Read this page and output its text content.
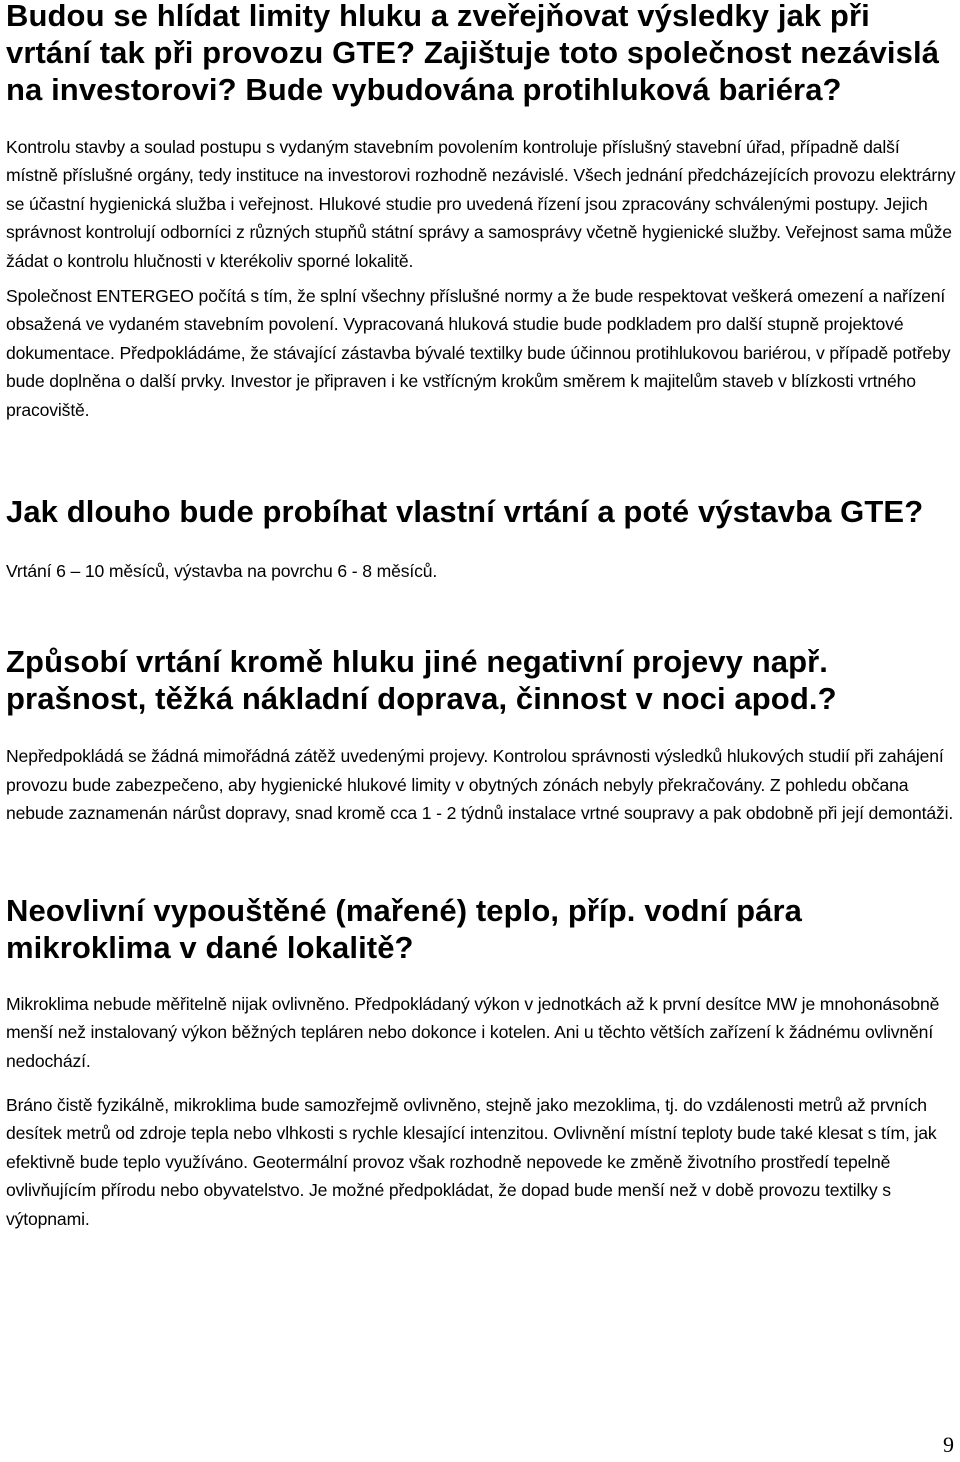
Budou se hlídat limity hluku a zveřejňovat výsledky jak při vrtání tak při provozu GTE? Zajištuje toto společnost nezávislá na investorovi? Bude vybudována protihluková bariéra?

Kontrolu stavby a soulad postupu s vydaným stavebním povolením kontroluje příslušný stavební úřad, případně další místně příslušné orgány, tedy instituce na investorovi rozhodně nezávislé. Všech jednání předcházejících provozu elektrárny se účastní hygienická služba i veřejnost. Hlukové studie pro uvedená řízení jsou zpracovány schválenými postupy. Jejich správnost kontrolují odborníci z různých stupňů státní správy a samosprávy včetně hygienické služby. Veřejnost sama může žádat o kontrolu hlučnosti v kterékoliv sporné lokalitě.

Společnost ENTERGEO počítá s tím, že splní všechny příslušné normy a že bude respektovat veškerá omezení a nařízení obsažená ve vydaném stavebním povolení. Vypracovaná hluková studie bude podkladem pro další stupně projektové dokumentace. Předpokládáme, že stávající zástavba bývalé textilky bude účinnou protihlukovou bariérou, v případě potřeby bude doplněna o další prvky. Investor je připraven i ke vstřícným krokům směrem k majitelům staveb v blízkosti vrtného pracoviště.

Jak dlouho bude probíhat vlastní vrtání a poté výstavba GTE?

Vrtání 6 – 10 měsíců, výstavba na povrchu 6 - 8 měsíců.

Způsobí vrtání kromě hluku jiné negativní projevy např. prašnost, těžká nákladní doprava, činnost v noci apod.?

Nepředpokládá se žádná mimořádná zátěž uvedenými projevy. Kontrolou správnosti výsledků hlukových studií při zahájení provozu bude zabezpečeno, aby hygienické hlukové limity v obytných zónách nebyly překračovány. Z pohledu občana nebude zaznamenán nárůst dopravy, snad kromě cca 1 - 2 týdnů instalace vrtné soupravy a pak obdobně při její demontáži.

Neovlivní vypouštěné (mařené) teplo, příp. vodní pára mikroklima v dané lokalitě?

Mikroklima nebude měřitelně nijak ovlivněno. Předpokládaný výkon v jednotkách až k první desítce MW je mnohonásobně menší než instalovaný výkon běžných tepláren nebo dokonce i kotelen. Ani u těchto větších zařízení k žádnému ovlivnění nedochází.

Bráno čistě fyzikálně, mikroklima bude samozřejmě ovlivněno, stejně jako mezoklima, tj. do vzdálenosti metrů až prvních desítek metrů od zdroje tepla nebo vlhkosti s rychle klesající intenzitou. Ovlivnění místní teploty bude také klesat s tím, jak efektivně bude teplo využíváno. Geotermální provoz však rozhodně nepovede ke změně životního prostředí tepelně ovlivňujícím přírodu nebo obyvatelstvo. Je možné předpokládat, že dopad bude menší než v době provozu textilky s výtopnami.

9
